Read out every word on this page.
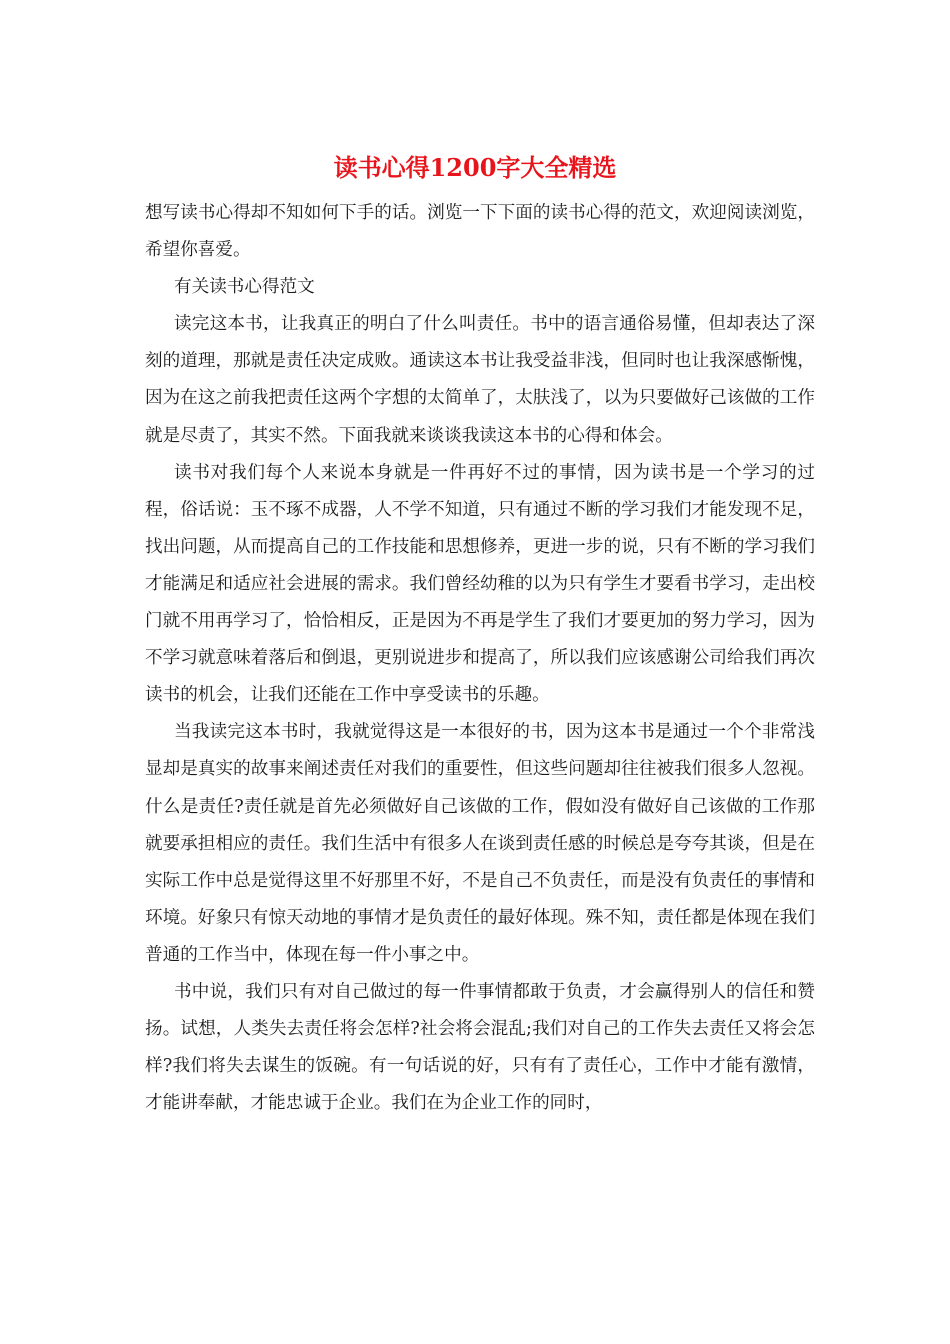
读书心得1200字大全精选

想写读书心得却不知如何下手的话。浏览一下下面的读书心得的范文，欢迎阅读浏览，希望你喜爱。

有关读书心得范文

读完这本书，让我真正的明白了什么叫责任。书中的语言通俗易懂，但却表达了深刻的道理，那就是责任决定成败。通读这本书让我受益非浅，但同时也让我深感惭愧，因为在这之前我把责任这两个字想的太简单了，太肤浅了，以为只要做好己该做的工作就是尽责了，其实不然。下面我就来谈谈我读这本书的心得和体会。

读书对我们每个人来说本身就是一件再好不过的事情，因为读书是一个学习的过程，俗话说：玉不琢不成器，人不学不知道，只有通过不断的学习我们才能发现不足，找出问题，从而提高自己的工作技能和思想修养，更进一步的说，只有不断的学习我们才能满足和适应社会进展的需求。我们曾经幼稚的以为只有学生才要看书学习，走出校门就不用再学习了，恰恰相反，正是因为不再是学生了我们才要更加的努力学习，因为不学习就意味着落后和倒退，更别说进步和提高了，所以我们应该感谢公司给我们再次读书的机会，让我们还能在工作中享受读书的乐趣。

当我读完这本书时，我就觉得这是一本很好的书，因为这本书是通过一个个非常浅显却是真实的故事来阐述责任对我们的重要性，但这些问题却往往被我们很多人忽视。什么是责任?责任就是首先必须做好自己该做的工作，假如没有做好自己该做的工作那就要承担相应的责任。我们生活中有很多人在谈到责任感的时候总是夸夸其谈，但是在实际工作中总是觉得这里不好那里不好，不是自己不负责任，而是没有负责任的事情和环境。好象只有惊天动地的事情才是负责任的最好体现。殊不知，责任都是体现在我们普通的工作当中，体现在每一件小事之中。

书中说，我们只有对自己做过的每一件事情都敢于负责，才会赢得别人的信任和赞扬。试想，人类失去责任将会怎样?社会将会混乱;我们对自己的工作失去责任又将会怎样?我们将失去谋生的饭碗。有一句话说的好，只有有了责任心，工作中才能有激情，才能讲奉献，才能忠诚于企业。我们在为企业工作的同时，
